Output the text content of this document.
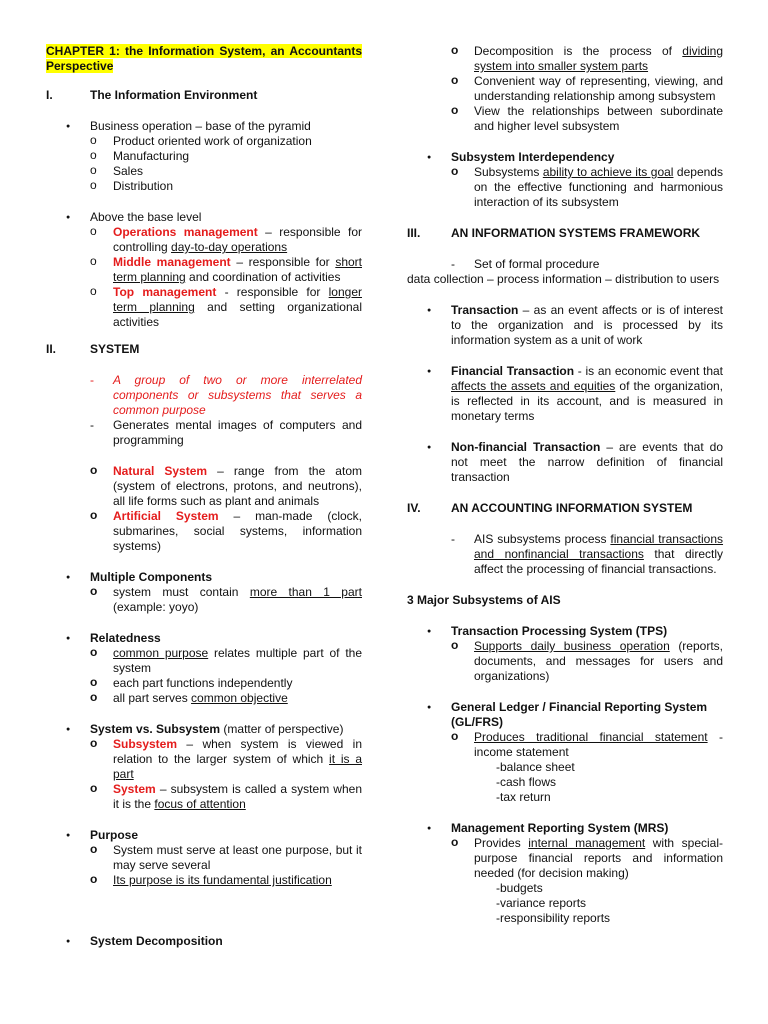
CHAPTER 1: the Information System, an Accountants Perspective
I.	The Information Environment
● Business operation – base of the pyramid
o Product oriented work of organization
o Manufacturing
o Sales
o Distribution
● Above the base level
o Operations management – responsible for controlling day-to-day operations
o Middle management – responsible for short term planning and coordination of activities
o Top management - responsible for longer term planning and setting organizational activities
II.	SYSTEM
- A group of two or more interrelated components or subsystems that serves a common purpose
- Generates mental images of computers and programming
o Natural System – range from the atom (system of electrons, protons, and neutrons), all life forms such as plant and animals
o Artificial System – man-made (clock, submarines, social systems, information systems)
● Multiple Components
o system must contain more than 1 part (example: yoyo)
● Relatedness
o common purpose relates multiple part of the system
o each part functions independently
o all part serves common objective
● System vs. Subsystem (matter of perspective)
o Subsystem – when system is viewed in relation to the larger system of which it is a part
o System – subsystem is called a system when it is the focus of attention
● Purpose
o System must serve at least one purpose, but it may serve several
o Its purpose is its fundamental justification
● System Decomposition
o Decomposition is the process of dividing system into smaller system parts
o Convenient way of representing, viewing, and understanding relationship among subsystem
o View the relationships between subordinate and higher level subsystem
● Subsystem Interdependency
o Subsystems ability to achieve its goal depends on the effective functioning and harmonious interaction of its subsystem
III.	AN INFORMATION SYSTEMS FRAMEWORK
- Set of formal procedure
data collection – process information – distribution to users
● Transaction – as an event affects or is of interest to the organization and is processed by its information system as a unit of work
● Financial Transaction - is an economic event that affects the assets and equities of the organization, is reflected in its account, and is measured in monetary terms
● Non-financial Transaction – are events that do not meet the narrow definition of financial transaction
IV.	AN ACCOUNTING INFORMATION SYSTEM
- AIS subsystems process financial transactions and nonfinancial transactions that directly affect the processing of financial transactions.
3 Major Subsystems of AIS
● Transaction Processing System (TPS)
o Supports daily business operation (reports, documents, and messages for users and organizations)
● General Ledger / Financial Reporting System (GL/FRS)
o Produces traditional financial statement - income statement
-balance sheet
-cash flows
-tax return
● Management Reporting System (MRS)
o Provides internal management with special-purpose financial reports and information needed (for decision making)
-budgets
-variance reports
-responsibility reports
